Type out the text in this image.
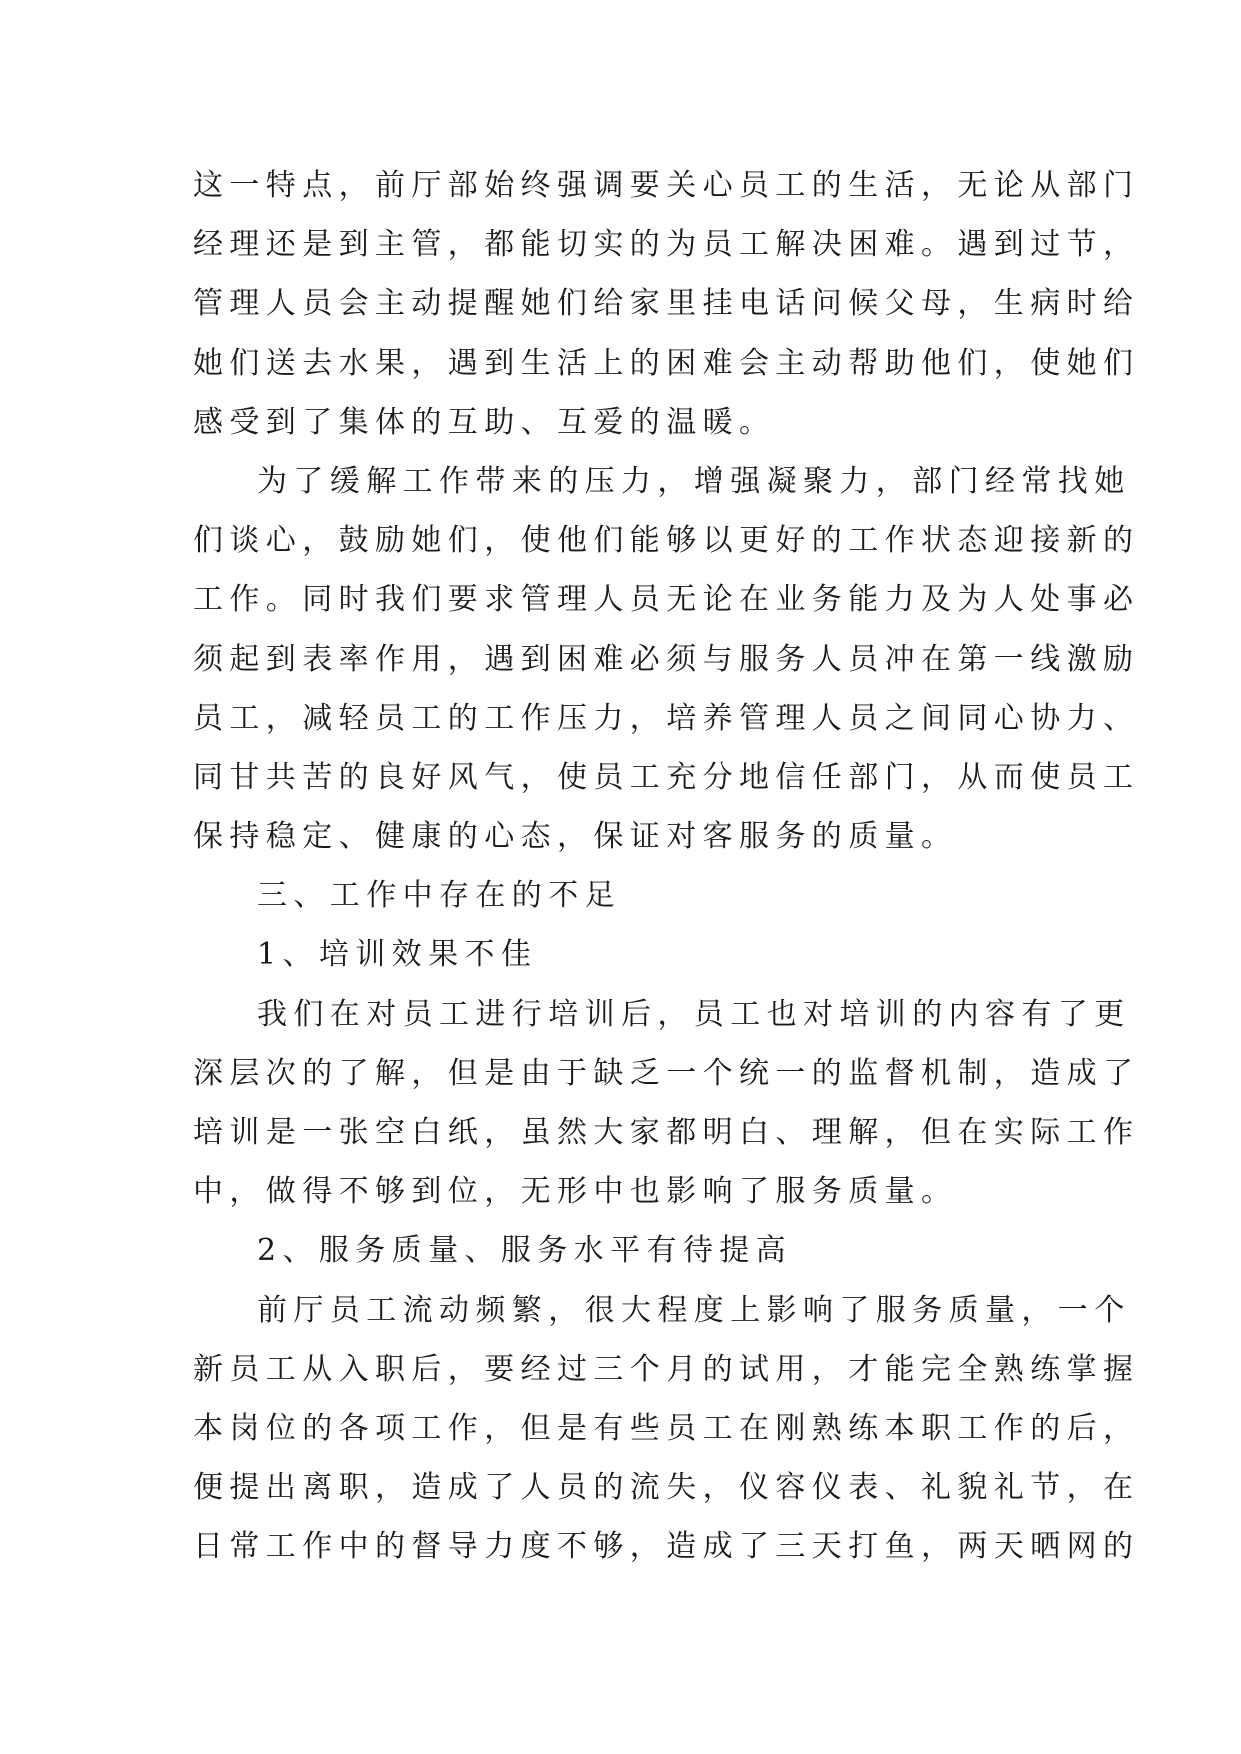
这一特点，前厅部始终强调要关心员工的生活，无论从部门
经理还是到主管，都能切实的为员工解决困难。遇到过节，
管理人员会主动提醒她们给家里挂电话问候父母，生病时给
她们送去水果，遇到生活上的困难会主动帮助他们，使她们
感受到了集体的互助、互爱的温暖。
为了缓解工作带来的压力，增强凝聚力，部门经常找她
们谈心，鼓励她们，使他们能够以更好的工作状态迎接新的
工作。同时我们要求管理人员无论在业务能力及为人处事必
须起到表率作用，遇到困难必须与服务人员冲在第一线激励
员工，减轻员工的工作压力，培养管理人员之间同心协力、
同甘共苦的良好风气，使员工充分地信任部门，从而使员工
保持稳定、健康的心态，保证对客服务的质量。
三、工作中存在的不足
1、培训效果不佳
我们在对员工进行培训后，员工也对培训的内容有了更
深层次的了解，但是由于缺乏一个统一的监督机制，造成了
培训是一张空白纸，虽然大家都明白、理解，但在实际工作
中，做得不够到位，无形中也影响了服务质量。
2、服务质量、服务水平有待提高
前厅员工流动频繁，很大程度上影响了服务质量，一个
新员工从入职后，要经过三个月的试用，才能完全熟练掌握
本岗位的各项工作，但是有些员工在刚熟练本职工作的后，
便提出离职，造成了人员的流失，仪容仪表、礼貌礼节，在
日常工作中的督导力度不够，造成了三天打鱼，两天晒网的
